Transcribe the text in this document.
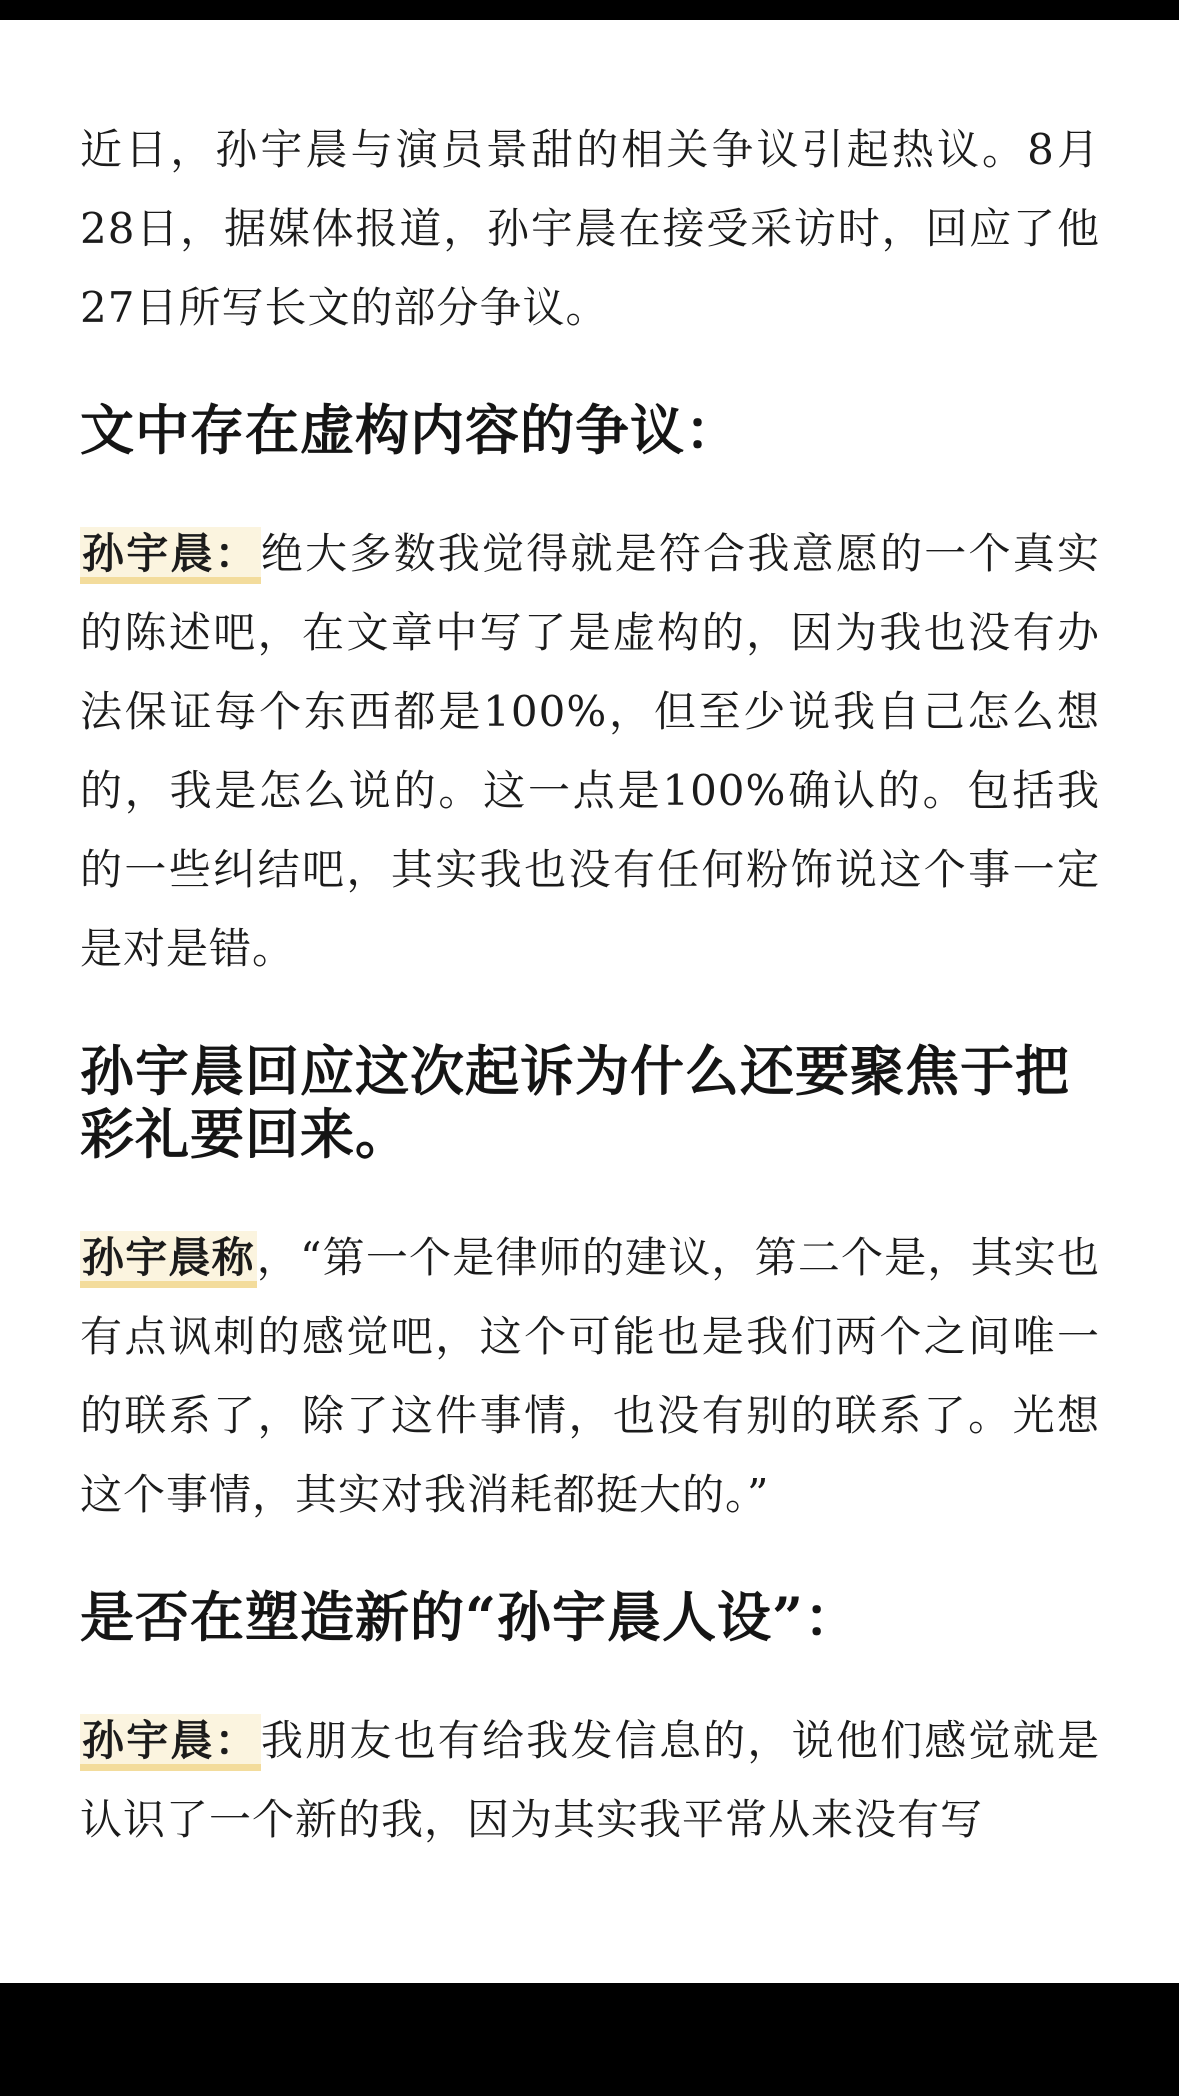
近日，孙宇晨与演员景甜的相关争议引起热议。8月28日，据媒体报道，孙宇晨在接受采访时，回应了他27日所写长文的部分争议。

文中存在虚构内容的争议：

孙宇晨：绝大多数我觉得就是符合我意愿的一个真实的陈述吧，在文章中写了是虚构的，因为我也没有办法保证每个东西都是100%，但至少说我自己怎么想的，我是怎么说的。这一点是100%确认的。包括我的一些纠结吧，其实我也没有任何粉饰说这个事一定是对是错。

孙宇晨回应这次起诉为什么还要聚焦于把彩礼要回来。

孙宇晨称，“第一个是律师的建议，第二个是，其实也有点讽刺的感觉吧，这个可能也是我们两个之间唯一的联系了，除了这件事情，也没有别的联系了。光想这个事情，其实对我消耗都挺大的。”

是否在塑造新的“孙宇晨人设”：

孙宇晨：我朋友也有给我发信息的，说他们感觉就是认识了一个新的我，因为其实我平常从来没有写
